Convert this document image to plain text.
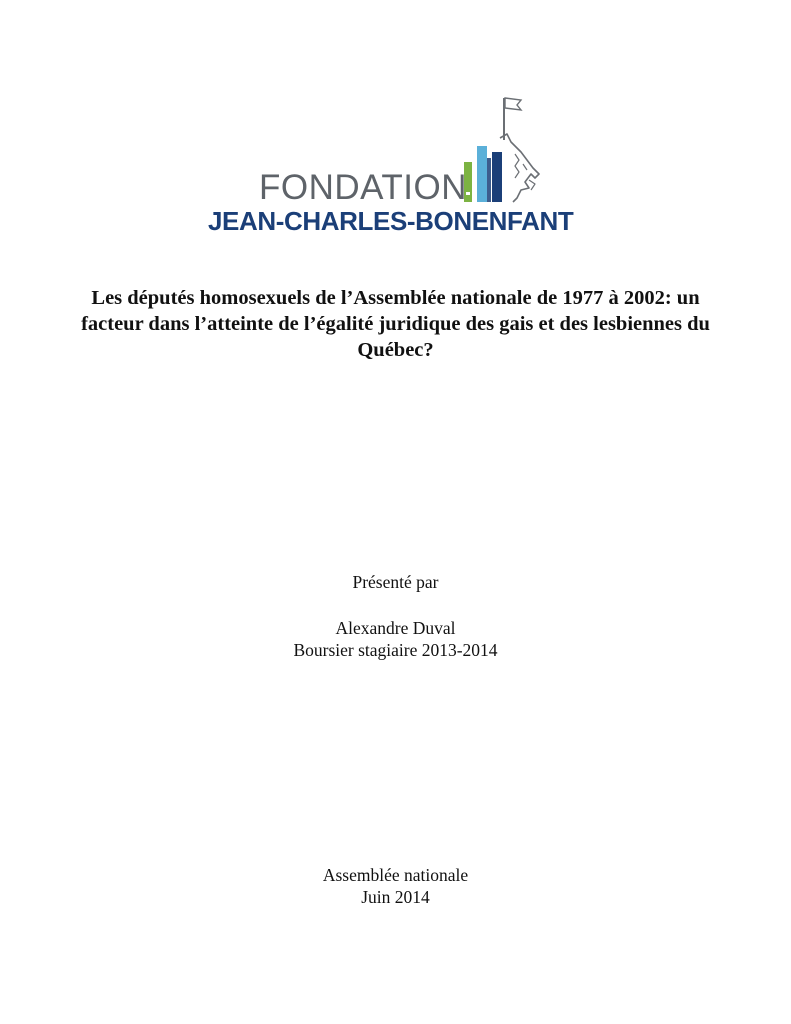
FONDATION
JEAN-CHARLES-BONENFANT
Les députés homosexuels de l’Assemblée nationale de 1977 à 2002: un facteur dans l’atteinte de l’égalité juridique des gais et des lesbiennes du Québec?
Présenté par
Alexandre Duval
Boursier stagiaire 2013-2014
Assemblée nationale
Juin 2014
